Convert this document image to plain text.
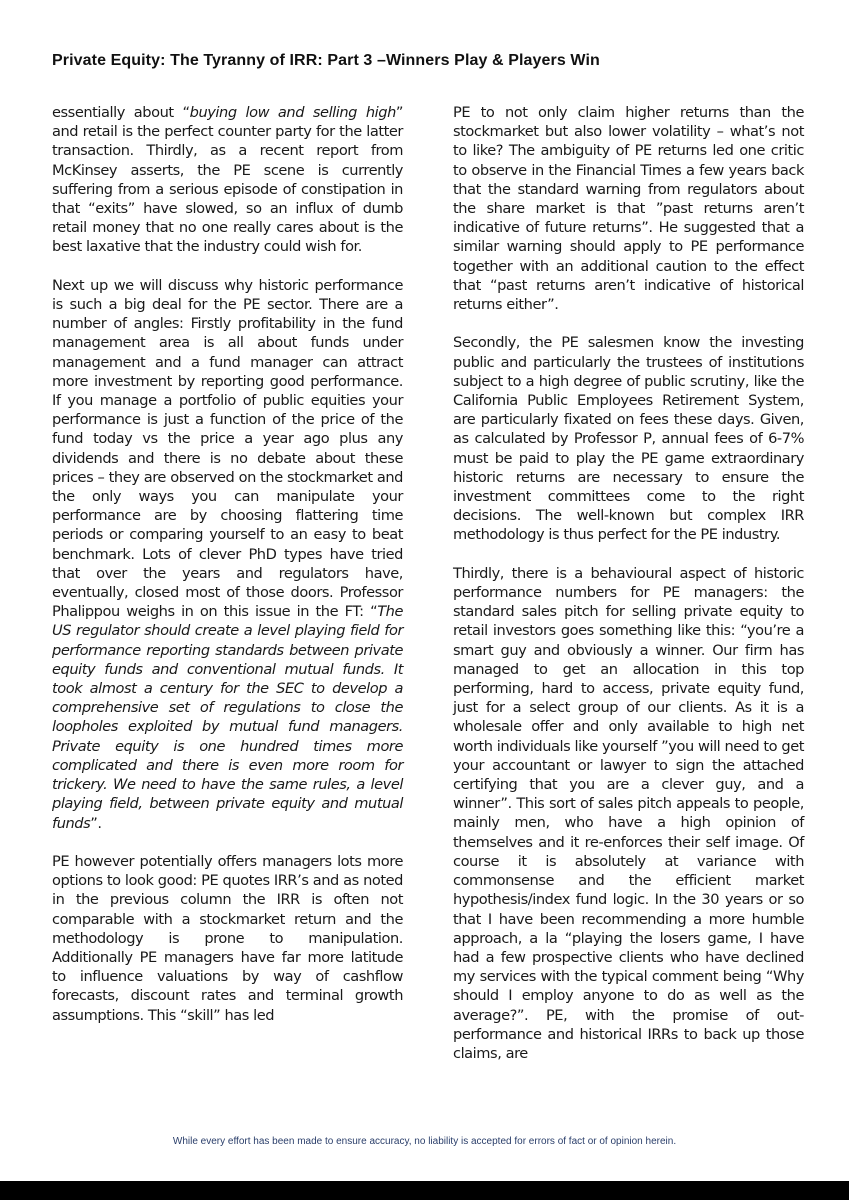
Private Equity: The Tyranny of IRR: Part 3 –Winners Play & Players Win

essentially about “buying low and selling high” and retail is the perfect counter party for the latter transaction. Thirdly, as a recent report from McKinsey asserts, the PE scene is currently suffering from a serious episode of constipation in that “exits” have slowed, so an influx of dumb retail money that no one really cares about is the best laxative that the industry could wish for.

Next up we will discuss why historic performance is such a big deal for the PE sector. There are a number of angles: Firstly profitability in the fund management area is all about funds under management and a fund manager can attract more investment by reporting good performance. If you manage a portfolio of public equities your performance is just a function of the price of the fund today vs the price a year ago plus any dividends and there is no debate about these prices – they are observed on the stockmarket and the only ways you can manipulate your performance are by choosing flattering time periods or comparing yourself to an easy to beat benchmark. Lots of clever PhD types have tried that over the years and regulators have, eventually, closed most of those doors. Professor Phalippou weighs in on this issue in the FT: “The US regulator should create a level playing field for performance reporting standards between private equity funds and conventional mutual funds. It took almost a century for the SEC to develop a comprehensive set of regulations to close the loopholes exploited by mutual fund managers. Private equity is one hundred times more complicated and there is even more room for trickery. We need to have the same rules, a level playing field, between private equity and mutual funds”.

PE however potentially offers managers lots more options to look good: PE quotes IRR’s and as noted in the previous column the IRR is often not comparable with a stockmarket return and the methodology is prone to manipulation. Additionally PE managers have far more latitude to influence valuations by way of cashflow forecasts, discount rates and terminal growth assumptions. This “skill” has led

PE to not only claim higher returns than the stockmarket but also lower volatility – what’s not to like? The ambiguity of PE returns led one critic to observe in the Financial Times a few years back that the standard warning from regulators about the share market is that ”past returns aren’t indicative of future returns”. He suggested that a similar warning should apply to PE performance together with an additional caution to the effect that “past returns aren’t indicative of historical returns either”.

Secondly, the PE salesmen know the investing public and particularly the trustees of institutions subject to a high degree of public scrutiny, like the California Public Employees Retirement System, are particularly fixated on fees these days. Given, as calculated by Professor P, annual fees of 6-7% must be paid to play the PE game extraordinary historic returns are necessary to ensure the investment committees come to the right decisions. The well-known but complex IRR methodology is thus perfect for the PE industry.

Thirdly, there is a behavioural aspect of historic performance numbers for PE managers: the standard sales pitch for selling private equity to retail investors goes something like this: “you’re a smart guy and obviously a winner. Our firm has managed to get an allocation in this top performing, hard to access, private equity fund, just for a select group of our clients. As it is a wholesale offer and only available to high net worth individuals like yourself ”you will need to get your accountant or lawyer to sign the attached certifying that you are a clever guy, and a winner”. This sort of sales pitch appeals to people, mainly men, who have a high opinion of themselves and it re-enforces their self image. Of course it is absolutely at variance with commonsense and the efficient market hypothesis/index fund logic. In the 30 years or so that I have been recommending a more humble approach, a la “playing the losers game, I have had a few prospective clients who have declined my services with the typical comment being “Why should I employ anyone to do as well as the average?”. PE, with the promise of out-performance and historical IRRs to back up those claims, are

While every effort has been made to ensure accuracy, no liability is accepted for errors of fact or of opinion herein.
